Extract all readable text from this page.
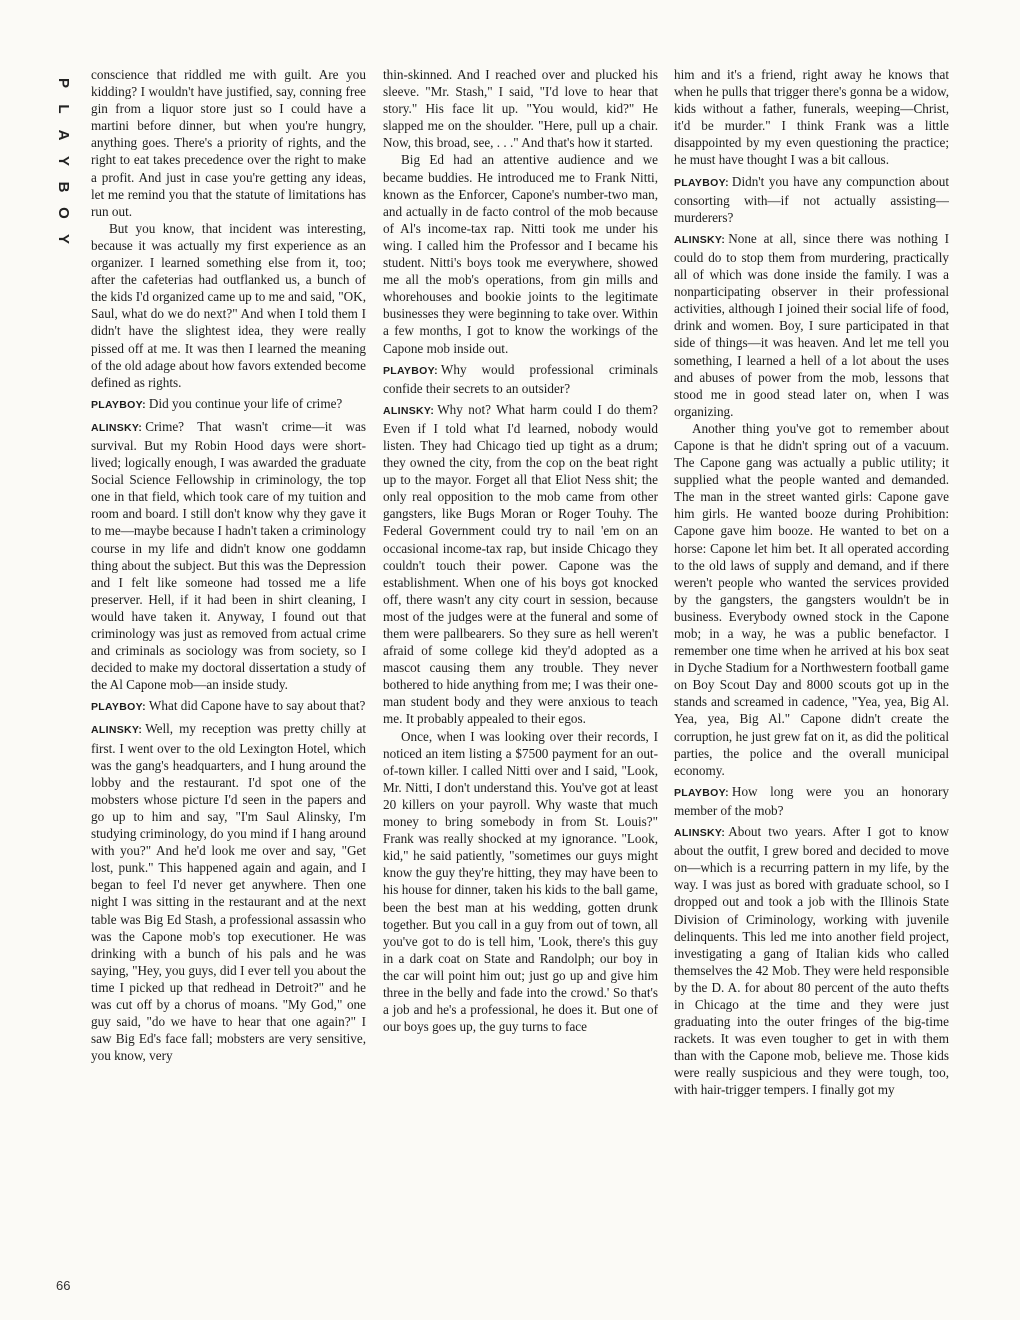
P
L
A
Y
B
O
Y
66

conscience that riddled me with guilt. Are you kidding? I wouldn't have justified, say, conning free gin from a liquor store just so I could have a martini before dinner, but when you're hungry, anything goes. There's a priority of rights, and the right to eat takes precedence over the right to make a profit. And just in case you're getting any ideas, let me remind you that the statute of limitations has run out.

But you know, that incident was interesting, because it was actually my first experience as an organizer. I learned something else from it, too; after the cafeterias had outflanked us, a bunch of the kids I'd organized came up to me and said, "OK, Saul, what do we do next?" And when I told them I didn't have the slightest idea, they were really pissed off at me. It was then I learned the meaning of the old adage about how favors extended become defined as rights.

PLAYBOY: Did you continue your life of crime?

ALINSKY: Crime? That wasn't crime—it was survival. But my Robin Hood days were short-lived; logically enough, I was awarded the graduate Social Science Fellowship in criminology, the top one in that field, which took care of my tuition and room and board. I still don't know why they gave it to me—maybe because I hadn't taken a criminology course in my life and didn't know one goddamn thing about the subject. But this was the Depression and I felt like someone had tossed me a life preserver. Hell, if it had been in shirt cleaning, I would have taken it. Anyway, I found out that criminology was just as removed from actual crime and criminals as sociology was from society, so I decided to make my doctoral dissertation a study of the Al Capone mob—an inside study.

PLAYBOY: What did Capone have to say about that?

ALINSKY: Well, my reception was pretty chilly at first. I went over to the old Lexington Hotel, which was the gang's headquarters, and I hung around the lobby and the restaurant. I'd spot one of the mobsters whose picture I'd seen in the papers and go up to him and say, "I'm Saul Alinsky, I'm studying criminology, do you mind if I hang around with you?" And he'd look me over and say, "Get lost, punk." This happened again and again, and I began to feel I'd never get anywhere. Then one night I was sitting in the restaurant and at the next table was Big Ed Stash, a professional assassin who was the Capone mob's top executioner. He was drinking with a bunch of his pals and he was saying, "Hey, you guys, did I ever tell you about the time I picked up that redhead in Detroit?" and he was cut off by a chorus of moans. "My God," one guy said, "do we have to hear that one again?" I saw Big Ed's face fall; mobsters are very sensitive, you know, very

thin-skinned. And I reached over and plucked his sleeve. "Mr. Stash," I said, "I'd love to hear that story." His face lit up. "You would, kid?" He slapped me on the shoulder. "Here, pull up a chair. Now, this broad, see, . . ." And that's how it started.

Big Ed had an attentive audience and we became buddies. He introduced me to Frank Nitti, known as the Enforcer, Capone's number-two man, and actually in de facto control of the mob because of Al's income-tax rap. Nitti took me under his wing. I called him the Professor and I became his student. Nitti's boys took me everywhere, showed me all the mob's operations, from gin mills and whorehouses and bookie joints to the legitimate businesses they were beginning to take over. Within a few months, I got to know the workings of the Capone mob inside out.

PLAYBOY: Why would professional criminals confide their secrets to an outsider?

ALINSKY: Why not? What harm could I do them? Even if I told what I'd learned, nobody would listen. They had Chicago tied up tight as a drum; they owned the city, from the cop on the beat right up to the mayor. Forget all that Eliot Ness shit; the only real opposition to the mob came from other gangsters, like Bugs Moran or Roger Touhy. The Federal Government could try to nail 'em on an occasional income-tax rap, but inside Chicago they couldn't touch their power. Capone was the establishment. When one of his boys got knocked off, there wasn't any city court in session, because most of the judges were at the funeral and some of them were pallbearers. So they sure as hell weren't afraid of some college kid they'd adopted as a mascot causing them any trouble. They never bothered to hide anything from me; I was their one-man student body and they were anxious to teach me. It probably appealed to their egos.

Once, when I was looking over their records, I noticed an item listing a $7500 payment for an out-of-town killer. I called Nitti over and I said, "Look, Mr. Nitti, I don't understand this. You've got at least 20 killers on your payroll. Why waste that much money to bring somebody in from St. Louis?" Frank was really shocked at my ignorance. "Look, kid," he said patiently, "sometimes our guys might know the guy they're hitting, they may have been to his house for dinner, taken his kids to the ball game, been the best man at his wedding, gotten drunk together. But you call in a guy from out of town, all you've got to do is tell him, 'Look, there's this guy in a dark coat on State and Randolph; our boy in the car will point him out; just go up and give him three in the belly and fade into the crowd.' So that's a job and he's a professional, he does it. But one of our boys goes up, the guy turns to face

him and it's a friend, right away he knows that when he pulls that trigger there's gonna be a widow, kids without a father, funerals, weeping—Christ, it'd be murder." I think Frank was a little disappointed by my even questioning the practice; he must have thought I was a bit callous.

PLAYBOY: Didn't you have any compunction about consorting with—if not actually assisting—murderers?

ALINSKY: None at all, since there was nothing I could do to stop them from murdering, practically all of which was done inside the family. I was a nonparticipating observer in their professional activities, although I joined their social life of food, drink and women. Boy, I sure participated in that side of things—it was heaven. And let me tell you something, I learned a hell of a lot about the uses and abuses of power from the mob, lessons that stood me in good stead later on, when I was organizing.

Another thing you've got to remember about Capone is that he didn't spring out of a vacuum. The Capone gang was actually a public utility; it supplied what the people wanted and demanded. The man in the street wanted girls: Capone gave him girls. He wanted booze during Prohibition: Capone gave him booze. He wanted to bet on a horse: Capone let him bet. It all operated according to the old laws of supply and demand, and if there weren't people who wanted the services provided by the gangsters, the gangsters wouldn't be in business. Everybody owned stock in the Capone mob; in a way, he was a public benefactor. I remember one time when he arrived at his box seat in Dyche Stadium for a Northwestern football game on Boy Scout Day and 8000 scouts got up in the stands and screamed in cadence, "Yea, yea, Big Al. Yea, yea, Big Al." Capone didn't create the corruption, he just grew fat on it, as did the political parties, the police and the overall municipal economy.

PLAYBOY: How long were you an honorary member of the mob?

ALINSKY: About two years. After I got to know about the outfit, I grew bored and decided to move on—which is a recurring pattern in my life, by the way. I was just as bored with graduate school, so I dropped out and took a job with the Illinois State Division of Criminology, working with juvenile delinquents. This led me into another field project, investigating a gang of Italian kids who called themselves the 42 Mob. They were held responsible by the D. A. for about 80 percent of the auto thefts in Chicago at the time and they were just graduating into the outer fringes of the big-time rackets. It was even tougher to get in with them than with the Capone mob, believe me. Those kids were really suspicious and they were tough, too, with hair-trigger tempers. I finally got my
